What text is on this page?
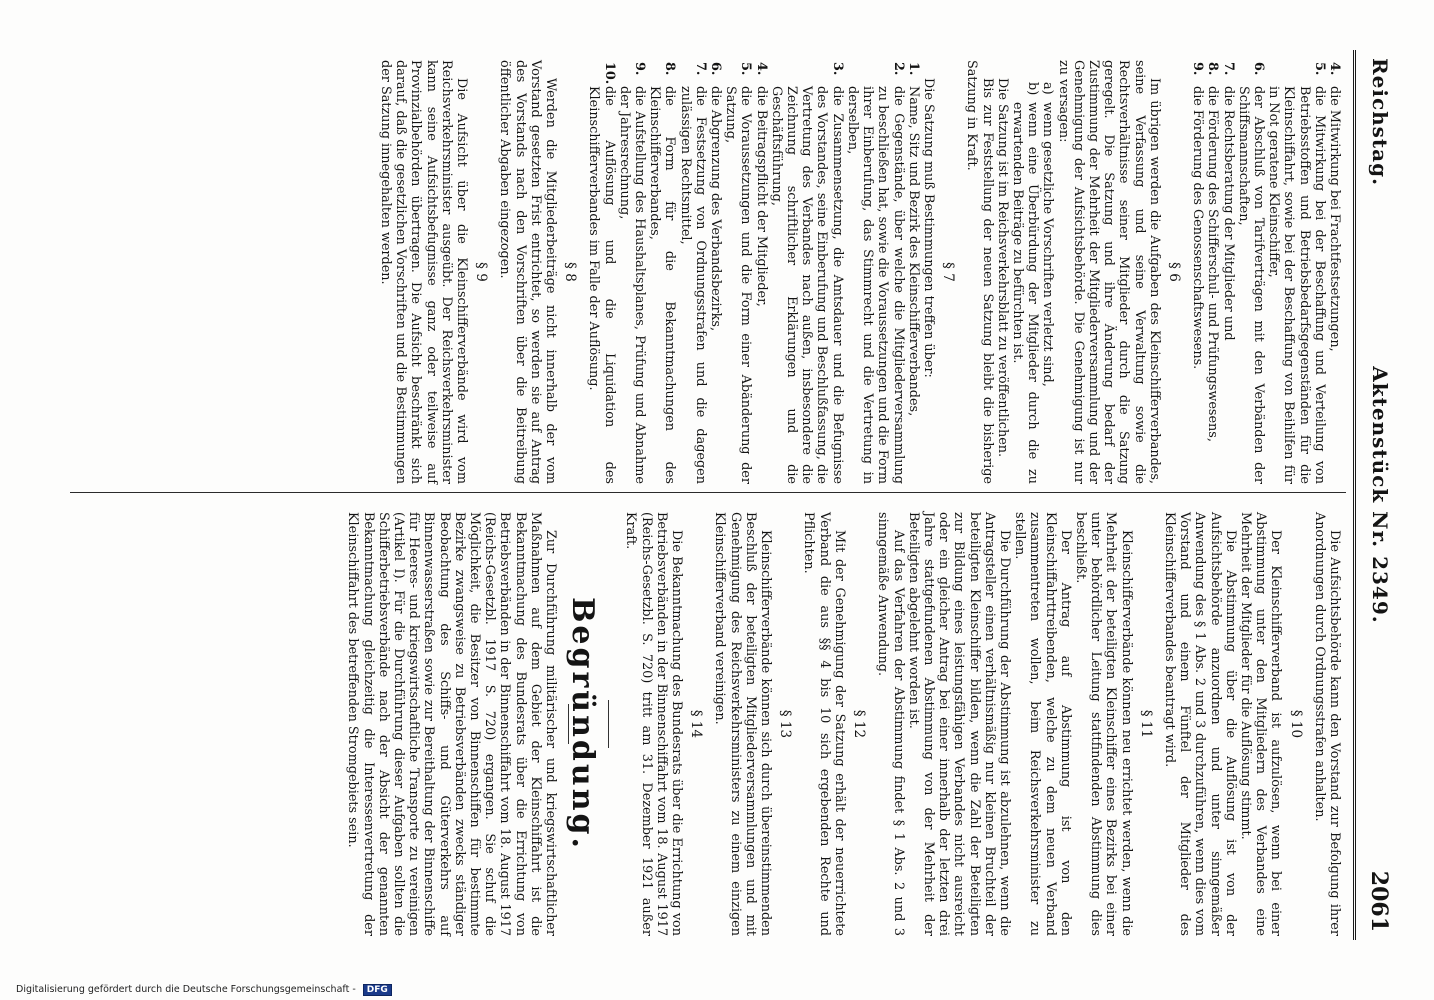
Reichstag.
Aktenstück Nr. 2349.
2061
4.
die Mitwirkung bei Frachtfestsetzungen,
5.
die Mitwirkung bei der Beschaffung und Verteilung von Betriebsstoffen und Betriebsbedarfsgegenständen für die Kleinschiffahrt, sowie bei der Beschaffung von Beihilfen für in Not geratene Kleinschiffer,
6.
der Abschluß von Tarifverträgen mit den Verbänden der Schiffsmannschaften,
7.
die Rechtsberatung der Mitglieder und
8.
die Förderung des Schifferschul- und Prüfungswesens,
9.
die Förderung des Genossenschaftswesens.
§ 6

Im übrigen werden die Aufgaben des Kleinschifferverbandes, seine Verfassung und seine Verwaltung sowie die Rechtsverhältnisse seiner Mitglieder durch die Satzung geregelt. Die Satzung und ihre Änderung bedarf der Zustimmung der Mehrheit der Mitgliederversammlung und der Genehmigung der Aufsichtsbehörde. Die Genehmigung ist nur zu versagen:

a)
wenn gesetzliche Vorschriften verletzt sind,
b)
wenn eine Überbürdung der Mitglieder durch die zu erwartenden Beiträge zu befürchten ist.

Die Satzung ist im Reichsverkehrsblatt zu veröffentlichen.

Bis zur Feststellung der neuen Satzung bleibt die bisherige Satzung in Kraft.

§ 7

Die Satzung muß Bestimmungen treffen über:

1.
Name, Sitz und Bezirk des Kleinschifferverbandes,
2.
die Gegenstände, über welche die Mitgliederversammlung zu beschließen hat, sowie die Voraussetzungen und die Form ihrer Einberufung, das Stimmrecht und die Vertretung in derselben,
3.
die Zusammensetzung, die Amtsdauer und die Befugnisse des Vorstandes, seine Einberufung und Beschlußfassung, die Vertretung des Verbandes nach außen, insbesondere die Zeichnung schriftlicher Erklärungen und die Geschäftsführung,
4.
die Beitragspflicht der Mitglieder,
5.
die Voraussetzungen und die Form einer Abänderung der Satzung,
6.
die Abgrenzung des Verbandsbezirks,
7.
die Festsetzung von Ordnungsstrafen und die dagegen zulässigen Rechtsmittel,
8.
die Form für die Bekanntmachungen des Kleinschifferverbandes,
9.
die Aufstellung des Haushaltsplanes, Prüfung und Abnahme der Jahresrechnung,
10.
die Auflösung und die Liquidation des Kleinschifferverbandes im Falle der Auflösung.
§ 8

Werden die Mitgliederbeiträge nicht innerhalb der vom Vorstand gesetzten Frist entrichtet, so werden sie auf Antrag des Vorstands nach den Vorschriften über die Beitreibung öffentlicher Abgaben eingezogen.

§ 9

Die Aufsicht über die Kleinschifferverbände wird vom Reichsverkehrsminister ausgeübt. Der Reichsverkehrsminister kann seine Aufsichtsbefugnisse ganz oder teilweise auf Provinzialbehörden übertragen. Die Aufsicht beschränkt sich darauf, daß die gesetzlichen Vorschriften und die Bestimmungen der Satzung innegehalten werden.

Die Aufsichtsbehörde kann den Vorstand zur Befolgung ihrer Anordnungen durch Ordnungsstrafen anhalten.

§ 10

Der Kleinschifferverband ist aufzulösen, wenn bei einer Abstimmung unter den Mitgliedern des Verbandes eine Mehrheit der Mitglieder für die Auflösung stimmt.

Die Abstimmung über die Auflösung ist von der Aufsichtsbehörde anzuordnen und unter sinngemäßer Anwendung des § 1 Abs. 2 und 3 durchzuführen, wenn dies vom Vorstand und einem Fünftel der Mitglieder des Kleinschifferverbandes beantragt wird.

§ 11

Kleinschifferverbände können neu errichtet werden, wenn die Mehrheit der beteiligten Kleinschiffer eines Bezirks bei einer unter behördlicher Leitung stattfindenden Abstimmung dies beschließt.

Der Antrag auf Abstimmung ist von den Kleinschiffahrttreibenden, welche zu dem neuen Verband zusammentreten wollen, beim Reichsverkehrsminister zu stellen.

Die Durchführung der Abstimmung ist abzulehnen, wenn die Antragsteller einen verhältnismäßig nur kleinen Bruchteil der beteiligten Kleinschiffer bilden, wenn die Zahl der Beteiligten zur Bildung eines leistungsfähigen Verbandes nicht ausreicht oder ein gleicher Antrag bei einer innerhalb der letzten drei Jahre stattgefundenen Abstimmung von der Mehrheit der Beteiligten abgelehnt worden ist.

Auf das Verfahren der Abstimmung findet § 1 Abs. 2 und 3 sinngemäße Anwendung.

§ 12

Mit der Genehmigung der Satzung erhält der neuerrichtete Verband die aus §§ 4 bis 10 sich ergebenden Rechte und Pflichten.

§ 13

Kleinschifferverbände können sich durch übereinstimmenden Beschluß der beteiligten Mitgliederversammlungen und mit Genehmigung des Reichsverkehrsministers zu einem einzigen Kleinschifferverband vereinigen.

§ 14

Die Bekanntmachung des Bundesrats über die Errichtung von Betriebsverbänden in der Binnenschiffahrt vom 18. August 1917 (Reichs-Gesetzbl. S. 720) tritt am 31. Dezember 1921 außer Kraft.

Begründung.

Zur Durchführung militärischer und kriegswirtschaftlicher Maßnahmen auf dem Gebiet der Kleinschiffahrt ist die Bekanntmachung des Bundesrats über die Errichtung von Betriebsverbänden in der Binnenschiffahrt vom 18. August 1917 (Reichs-Gesetzbl. 1917 S. 720) ergangen. Sie schuf die Möglichkeit, die Besitzer von Binnenschiffen für bestimmte Bezirke zwangsweise zu Betriebsverbänden zwecks ständiger Beobachtung des Schiffs- und Güterverkehrs auf Binnenwasserstraßen sowie zur Bereithaltung der Binnenschiffe für Heeres- und kriegswirtschaftliche Transporte zu vereinigen (Artikel I). Für die Durchführung dieser Aufgaben sollten die Schifferbetriebsverbände nach der Absicht der genannten Bekanntmachung gleichzeitig die Interessenvertretung der Kleinschiffahrt des betreffenden Stromgebiets sein.

Digitalisierung gefördert durch die Deutsche Forschungsgemeinschaft - DFG
